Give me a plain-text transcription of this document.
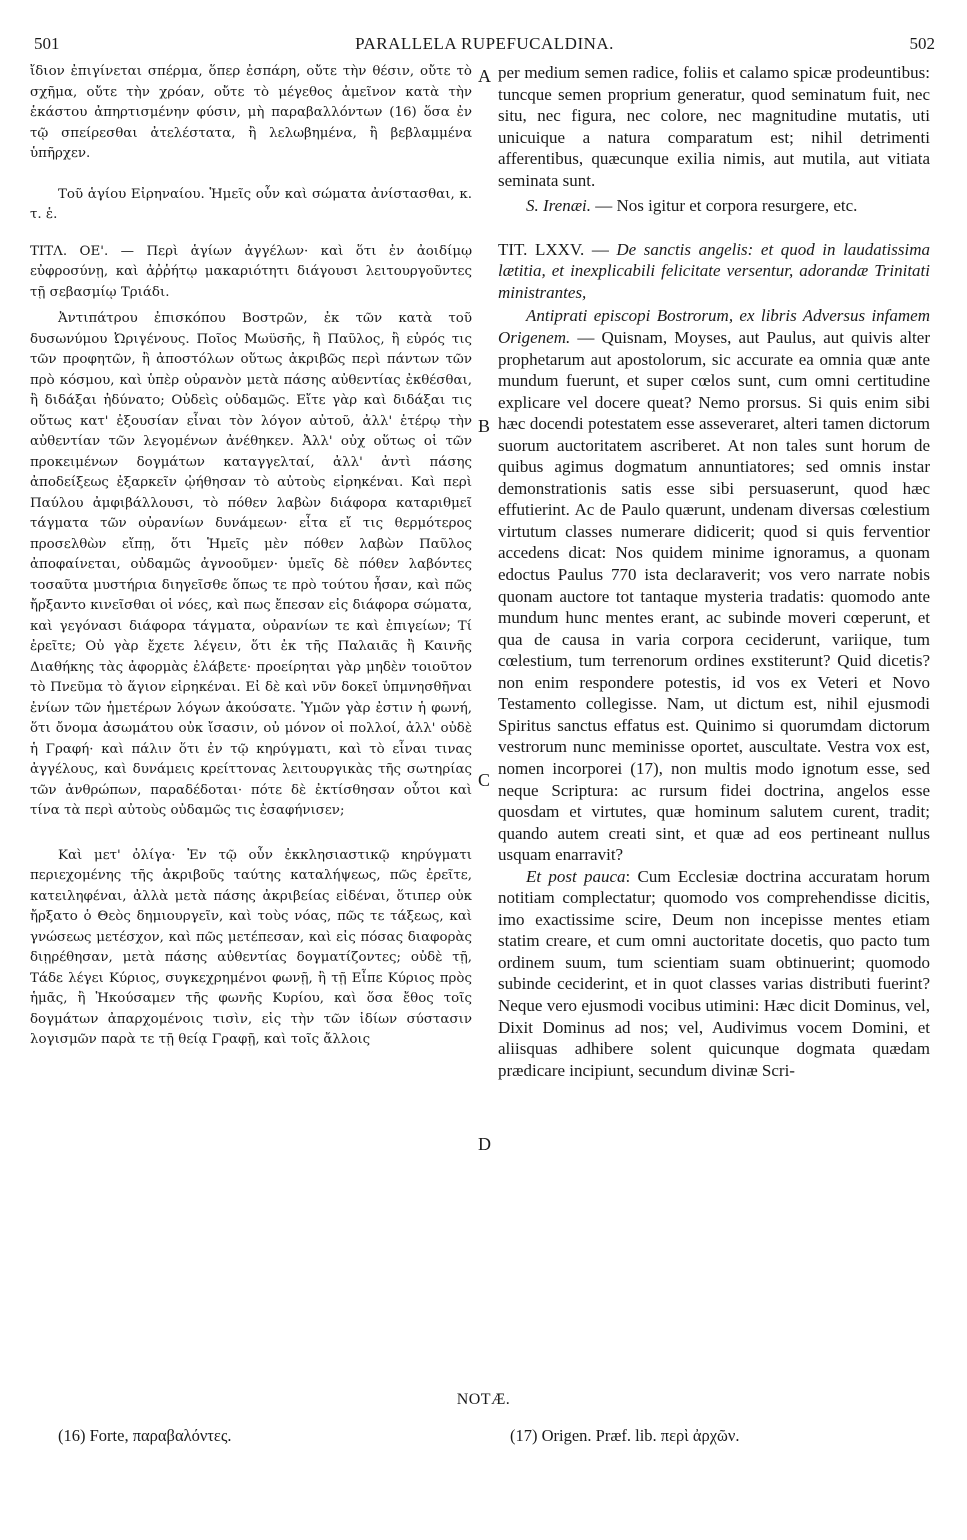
501	PARALLELA RUPEFUCALDINA.	502

ἴδιον ἐπιγίνεται σπέρμα, ὅπερ ἐσπάρη, οὔτε τὴν θέσιν, οὔτε τὸ σχῆμα, οὔτε τὴν χρόαν, οὔτε τὸ μέγεθος ἀμεῖνον κατὰ τὴν ἑκάστου ἀπηρτισμένην φύσιν, μὴ παραβαλλόντων (16) ὅσα ἐν τῷ σπείρεσθαι ἀτελέστατα, ἢ λελωβημένα, ἢ βεβλαμμένα ὑπῆρχεν.

Τοῦ ἁγίου Εἰρηναίου. Ἡμεῖς οὖν καὶ σώματα ἀνίστασθαι, κ. τ. ἑ.

ΤΙΤΛ. ΟΕ'. — Περὶ ἁγίων ἀγγέλων· καὶ ὅτι ἐν ἀοιδίμῳ εὐφροσύνῃ, καὶ ἀῤῥήτῳ μακαριότητι διάγουσι λειτουργοῦντες τῇ σεβασμίῳ Τριάδι.

Ἀντιπάτρου ἐπισκόπου Βοστρῶν, ἐκ τῶν κατὰ τοῦ δυσωνύμου Ὠριγένους. Ποῖος Μωϋσῆς, ἢ Παῦλος, ἢ εὑρός τις τῶν προφητῶν, ἢ ἀποστόλων οὕτως ἀκριβῶς περὶ πάντων τῶν πρὸ κόσμου, καὶ ὑπὲρ οὐρανὸν μετὰ πάσης αὐθεντίας ἐκθέσθαι, ἢ διδάξαι ἠδύνατο; Οὐδεὶς οὐδαμῶς. Εἴτε γὰρ καὶ διδάξαι τις οὕτως κατ' ἐξουσίαν εἶναι τὸν λόγον αὐτοῦ, ἀλλ' ἑτέρῳ τὴν αὐθεντίαν τῶν λεγομένων ἀνέθηκεν. Ἀλλ' οὐχ οὕτως οἱ τῶν προκειμένων δογμάτων καταγγελταί, ἀλλ' ἀντὶ πάσης ἀποδείξεως ἐξαρκεῖν ᾠήθησαν τὸ αὐτοὺς εἰρηκέναι. Καὶ περὶ Παύλου ἀμφιβάλλουσι, τὸ πόθεν λαβὼν διάφορα καταριθμεῖ τάγματα τῶν οὐρανίων δυνάμεων· εἶτα εἴ τις θερμότερος προσελθὼν εἴπῃ, ὅτι Ἡμεῖς μὲν πόθεν λαβὼν Παῦλος ἀποφαίνεται, οὐδαμῶς ἀγνοοῦμεν· ὑμεῖς δὲ πόθεν λαβόντες τοσαῦτα μυστήρια διηγεῖσθε ὅπως τε πρὸ τούτου ἦσαν, καὶ πῶς ἤρξαντο κινεῖσθαι οἱ νόες, καὶ πως ἔπεσαν εἰς διάφορα σώματα, καὶ γεγόνασι διάφορα τάγματα, οὐρανίων τε καὶ ἐπιγείων; Τί ἐρεῖτε; Οὐ γὰρ ἔχετε λέγειν, ὅτι ἐκ τῆς Παλαιᾶς ἢ Καινῆς Διαθήκης τὰς ἀφορμὰς ἐλάβετε· προείρηται γὰρ μηδὲν τοιοῦτον τὸ Πνεῦμα τὸ ἅγιον εἰρηκέναι. Εἰ δὲ καὶ νῦν δοκεῖ ὑπμνησθῆναι ἐνίων τῶν ἡμετέρων λόγων ἀκούσατε. Ὑμῶν γὰρ ἐστιν ἡ φωνή, ὅτι ὄνομα ἀσωμάτου οὐκ ἴσασιν, οὐ μόνον οἱ πολλοί, ἀλλ' οὐδὲ ἡ Γραφή· καὶ πάλιν ὅτι ἐν τῷ κηρύγματι, καὶ τὸ εἶναι τινας ἀγγέλους, καὶ δυνάμεις κρείττονας λειτουργικὰς τῆς σωτηρίας τῶν ἀνθρώπων, παραδέδοται· πότε δὲ ἐκτίσθησαν οὗτοι καὶ τίνα τὰ περὶ αὐτοὺς οὐδαμῶς τις ἐσαφήνισεν;

Καὶ μετ' ὀλίγα· Ἐν τῷ οὖν ἐκκλησιαστικῷ κηρύγματι περιεχομένης τῆς ἀκριβοῦς ταύτης καταλήψεως, πῶς ἐρεῖτε, κατειληφέναι, ἀλλὰ μετὰ πάσης ἀκριβείας εἰδέναι, ὅτιπερ οὐκ ἤρξατο ὁ Θεὸς δημιουργεῖν, καὶ τοὺς νόας, πῶς τε τάξεως, καὶ γνώσεως μετέσχον, καὶ πῶς μετέπεσαν, καὶ εἰς πόσας διαφορὰς διῃρέθησαν, μετὰ πάσης αὐθεντίας δογματίζοντες; οὐδὲ τῇ, Τάδε λέγει Κύριος, συγκεχρημένοι φωνῇ, ἢ τῇ Εἶπε Κύριος πρὸς ἡμᾶς, ἢ Ἠκούσαμεν τῆς φωνῆς Κυρίου, καὶ ὅσα ἔθος τοῖς δογμάτων ἀπαρχομένοις τισὶν, εἰς τὴν τῶν ἰδίων σύστασιν λογισμῶν παρὰ τε τῇ θείᾳ Γραφῇ, καὶ τοῖς ἄλλοις

A
B
C
D

per medium semen radice, foliis et calamo spicæ prodeuntibus: tuncque semen proprium generatur, quod seminatum fuit, nec situ, nec figura, nec colore, nec magnitudine mutatis, uti unicuique a natura comparatum est; nihil detrimenti afferentibus, quæcunque exilia nimis, aut mutila, aut vitiata seminata sunt.

S. Irenæi. — Nos igitur et corpora resurgere, etc.

TIT. LXXV. — De sanctis angelis: et quod in laudatissima lætitia, et inexplicabili felicitate versentur, adorandæ Trinitati ministrantes,

Antiprati episcopi Bostrorum, ex libris Adversus infamem Origenem. — Quisnam, Moyses, aut Paulus, aut quivis alter prophetarum aut apostolorum, sic accurate ea omnia quæ ante mundum fuerunt, et super cœlos sunt, cum omni certitudine explicare vel docere queat? Nemo prorsus. Si quis enim sibi hæc docendi potestatem esse asseveraret, alteri tamen dictorum suorum auctoritatem ascriberet. At non tales sunt horum de quibus agimus dogmatum annuntiatores; sed omnis instar demonstrationis satis esse sibi persuaserunt, quod hæc effutierint. Ac de Paulo quærunt, undenam diversas cœlestium virtutum classes numerare didicerit; quod si quis ferventior accedens dicat: Nos quidem minime ignoramus, a quonam edoctus Paulus 770 ista declaraverit; vos vero narrate nobis quonam auctore tot tantaque mysteria tradatis: quomodo ante mundum hunc mentes erant, ac subinde moveri cœperunt, et qua de causa in varia corpora ceciderunt, variique, tum cœlestium, tum terrenorum ordines exstiterunt? Quid dicetis? non enim respondere potestis, id vos ex Veteri et Novo Testamento collegisse. Nam, ut dictum est, nihil ejusmodi Spiritus sanctus effatus est. Quinimo si quorumdam dictorum vestrorum nunc meminisse oportet, auscultate. Vestra vox est, nomen incorporei (17), non multis modo ignotum esse, sed neque Scriptura: ac rursum fidei doctrina, angelos esse quosdam et virtutes, quæ hominum salutem curent, tradit; quando autem creati sint, et quæ ad eos pertineant nullus usquam enarravit?

Et post pauca: Cum Ecclesiæ doctrina accuratam horum notitiam complectatur; quomodo vos comprehendisse dicitis, imo exactissime scire, Deum non incepisse mentes etiam statim creare, et cum omni auctoritate docetis, quo pacto tum ordinem suum, tum scientiam suam obtinuerint; quomodo subinde ceciderint, et in quot classes varias distributi fuerint? Neque vero ejusmodi vocibus utimini: Hæc dicit Dominus, vel, Dixit Dominus ad nos; vel, Audivimus vocem Domini, et aliisquas adhibere solent quicunque dogmata quædam prædicare incipiunt, secundum divinæ Scri-

NOTÆ.
(16) Forte, παραβαλόντες.	(17) Origen. Præf. lib. περὶ ἀρχῶν.
